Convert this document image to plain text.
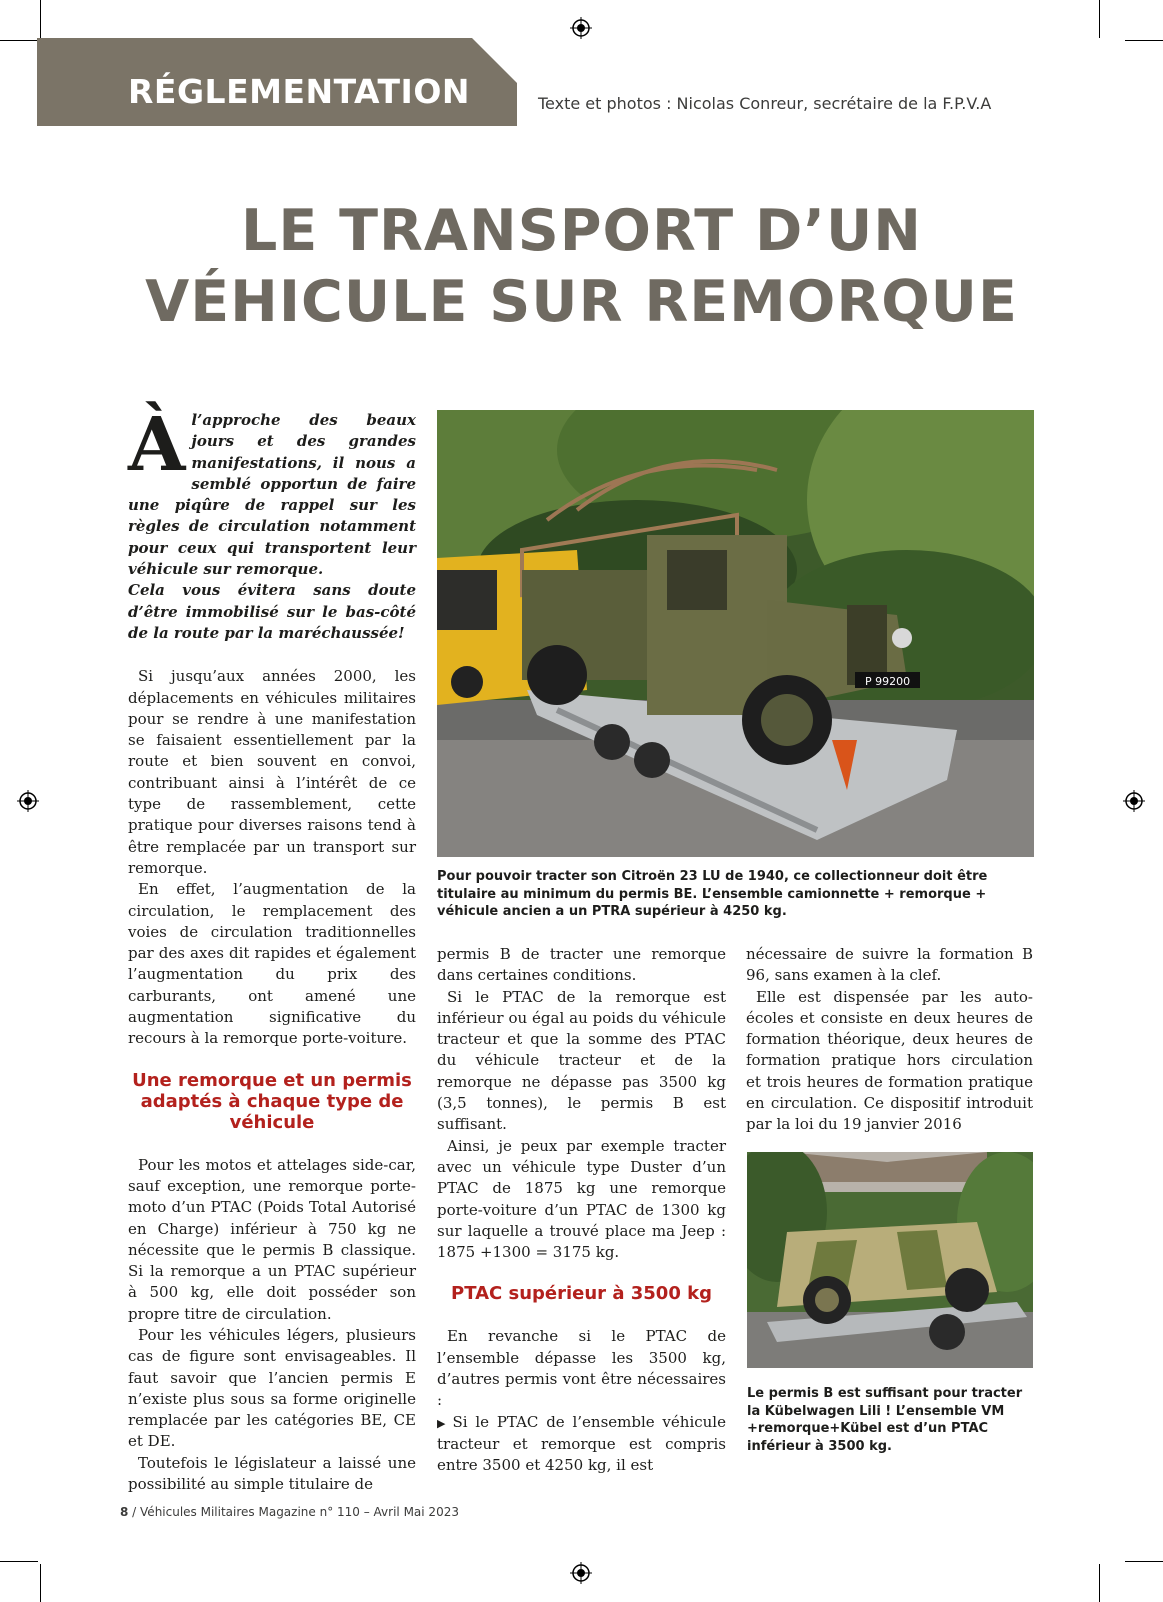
RÉGLEMENTATION	Texte et photos : Nicolas Conreur, secrétaire de la F.P.V.A
LE TRANSPORT D’UN
VÉHICULE SUR REMORQUE
Àl’approche des beaux jours et des grandes manifestations, il nous a semblé opportun de faire une piqûre de rappel sur les règles de circulation notamment pour ceux qui transportent leur véhicule sur remorque.
Cela vous évitera sans doute d’être immobilisé sur le bas-côté de la route par la maréchaussée!

Si jusqu’aux années 2000, les déplacements en véhicules militaires pour se rendre à une manifestation se faisaient essentiellement par la route et bien souvent en convoi, contribuant ainsi à l’intérêt de ce type de rassemblement, cette pratique pour diverses raisons tend à être remplacée par un transport sur remorque.

En effet, l’augmentation de la circulation, le remplacement des voies de circulation traditionnelles par des axes dit rapides et également l’augmentation du prix des carburants, ont amené une augmentation significative du recours à la remorque porte-voiture.

Une remorque et un permis adaptés à chaque type de véhicule

Pour les motos et attelages side-car, sauf exception, une remorque porte-moto d’un PTAC (Poids Total Autorisé en Charge) inférieur à 750 kg ne nécessite que le permis B classique. Si la remorque a un PTAC supérieur à 500 kg, elle doit posséder son propre titre de circulation.

Pour les véhicules légers, plusieurs cas de figure sont envisageables. Il faut savoir que l’ancien permis E n’existe plus sous sa forme originelle remplacée par les catégories BE, CE et DE.

Toutefois le législateur a laissé une possibilité au simple titulaire de

P 99200
Pour pouvoir tracter son Citroën 23 LU de 1940, ce collectionneur doit être titulaire au minimum du permis BE. L’ensemble camionnette + remorque + véhicule ancien a un PTRA supérieur à 4250 kg.

permis B de tracter une remorque dans certaines conditions.

Si le PTAC de la remorque est inférieur ou égal au poids du véhicule tracteur et que la somme des PTAC du véhicule tracteur et de la remorque ne dépasse pas 3500 kg (3,5 tonnes), le permis B est suffisant.

Ainsi, je peux par exemple tracter avec un véhicule type Duster d’un PTAC de 1875 kg une remorque porte-voiture d’un PTAC de 1300 kg sur laquelle a trouvé place ma Jeep : 1875 +1300 = 3175 kg.

PTAC supérieur à 3500 kg

En revanche si le PTAC de l’ensemble dépasse les 3500 kg, d’autres permis vont être nécessaires :

▶ Si le PTAC de l’ensemble véhicule tracteur et remorque est compris entre 3500 et 4250 kg, il est

nécessaire de suivre la formation B 96, sans examen à la clef.

Elle est dispensée par les auto-écoles et consiste en deux heures de formation théorique, deux heures de formation pratique hors circulation et trois heures de formation pratique en circulation. Ce dispositif introduit par la loi du 19 janvier 2016

Le permis B est suffisant pour tracter la Kübelwagen Lili ! L’ensemble VM +remorque+Kübel est d’un PTAC inférieur à 3500 kg.
8 / Véhicules Militaires Magazine n° 110 – Avril Mai 2023
